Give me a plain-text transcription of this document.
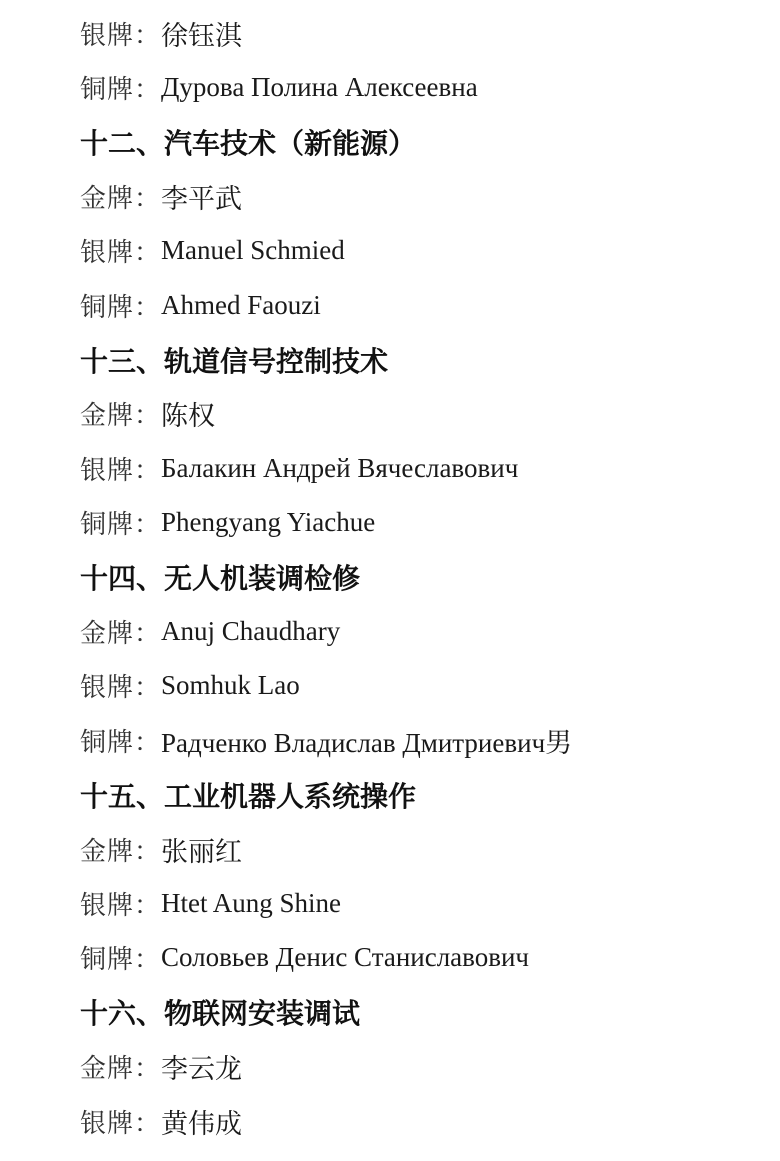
银牌： 徐钰淇
铜牌： Дурова Полина Алексеевна
十二、汽车技术（新能源）
金牌： 李平武
银牌： Manuel Schmied
铜牌： Ahmed Faouzi
十三、轨道信号控制技术
金牌： 陈权
银牌： Балакин Андрей Вячеславович
铜牌： Phengyang Yiachue
十四、无人机装调检修
金牌： Anuj Chaudhary
银牌： Somhuk Lao
铜牌： Радченко Владислав Дмитриевич男
十五、工业机器人系统操作
金牌： 张丽红
银牌： Htet Aung Shine
铜牌： Соловьев Денис Станиславович
十六、物联网安装调试
金牌： 李云龙
银牌： 黄伟成
